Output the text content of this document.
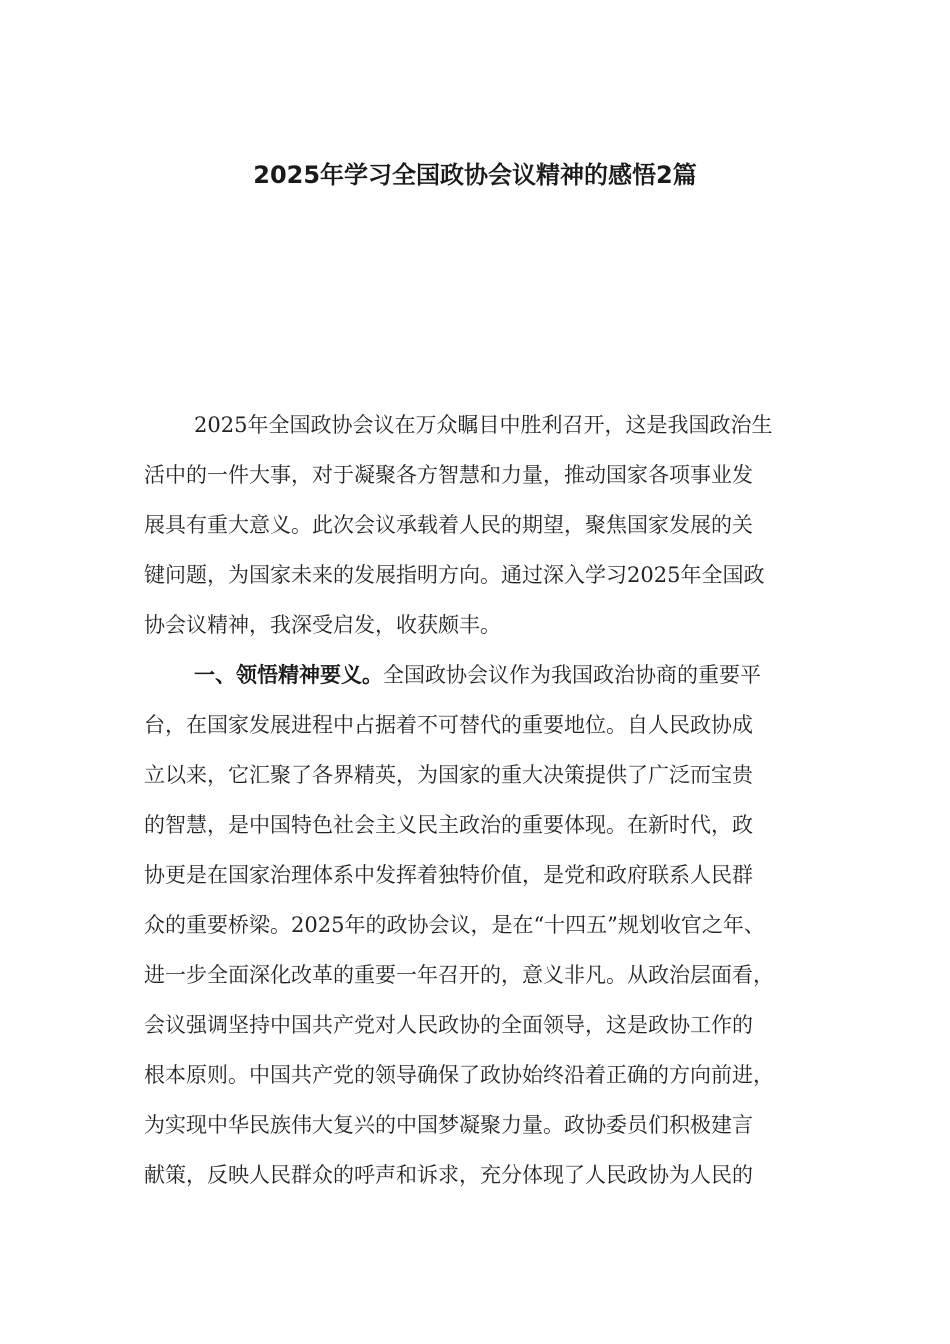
2025年学习全国政协会议精神的感悟2篇
2025年全国政协会议在万众瞩目中胜利召开，这是我国政治生
活中的一件大事，对于凝聚各方智慧和力量，推动国家各项事业发
展具有重大意义。此次会议承载着人民的期望，聚焦国家发展的关
键问题，为国家未来的发展指明方向。通过深入学习2025年全国政
协会议精神，我深受启发，收获颇丰。
一、领悟精神要义。全国政协会议作为我国政治协商的重要平
台，在国家发展进程中占据着不可替代的重要地位。自人民政协成
立以来，它汇聚了各界精英，为国家的重大决策提供了广泛而宝贵
的智慧，是中国特色社会主义民主政治的重要体现。在新时代，政
协更是在国家治理体系中发挥着独特价值，是党和政府联系人民群
众的重要桥梁。2025年的政协会议，是在“十四五”规划收官之年、
进一步全面深化改革的重要一年召开的，意义非凡。从政治层面看，
会议强调坚持中国共产党对人民政协的全面领导，这是政协工作的
根本原则。中国共产党的领导确保了政协始终沿着正确的方向前进，
为实现中华民族伟大复兴的中国梦凝聚力量。政协委员们积极建言
献策，反映人民群众的呼声和诉求，充分体现了人民政协为人民的
